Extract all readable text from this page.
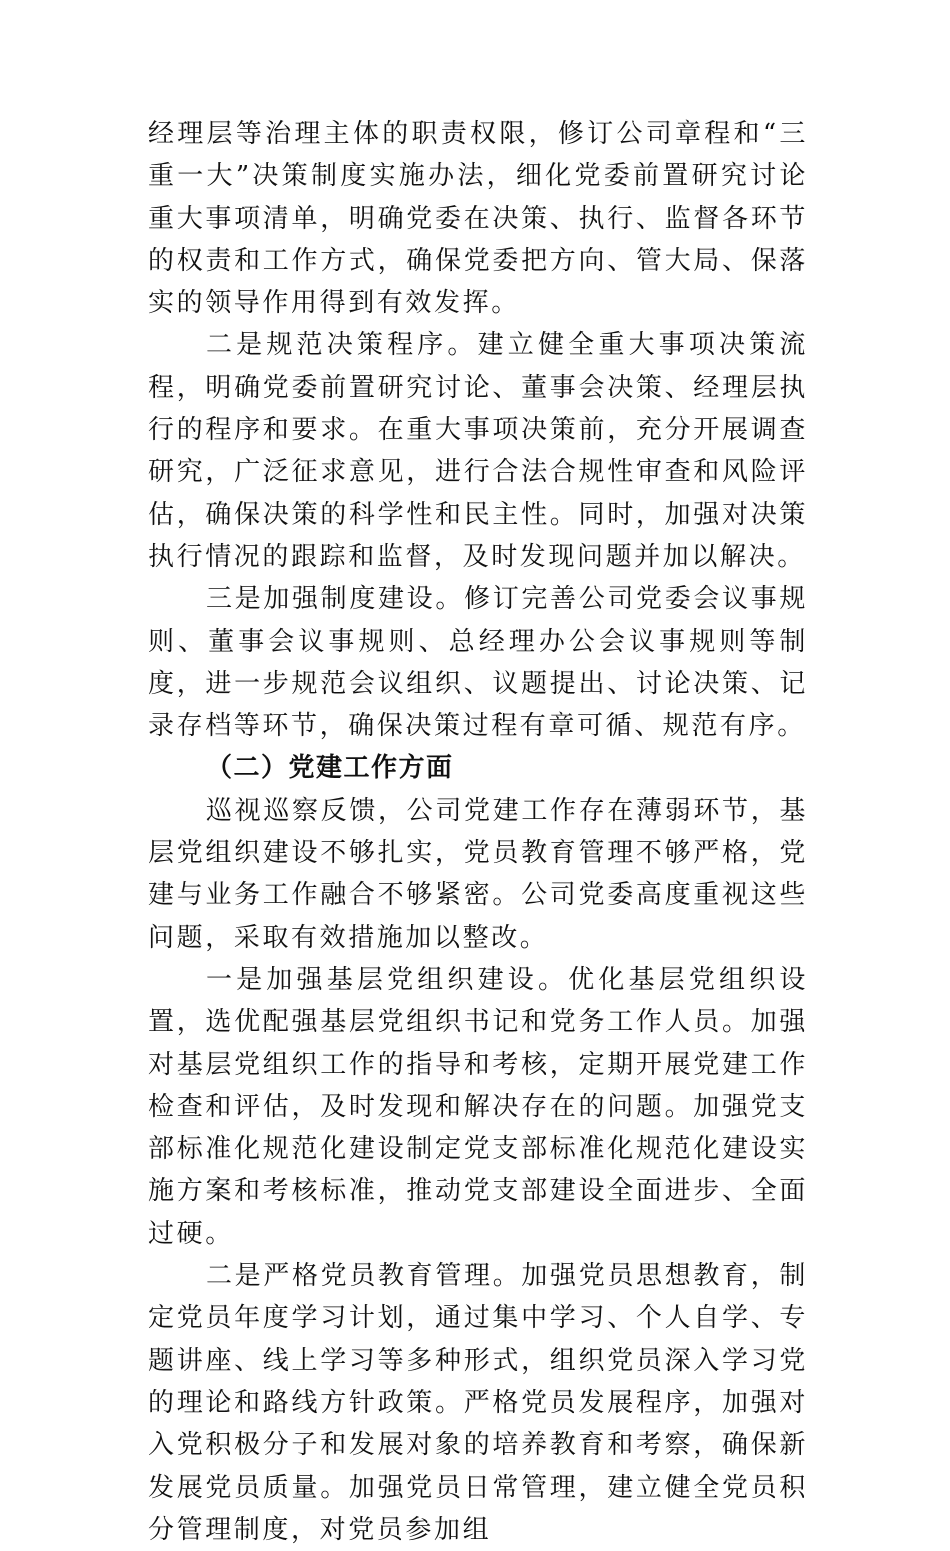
经理层等治理主体的职责权限，修订公司章程和“三重一大”决策制度实施办法，细化党委前置研究讨论重大事项清单，明确党委在决策、执行、监督各环节的权责和工作方式，确保党委把方向、管大局、保落实的领导作用得到有效发挥。

二是规范决策程序。建立健全重大事项决策流程，明确党委前置研究讨论、董事会决策、经理层执行的程序和要求。在重大事项决策前，充分开展调查研究，广泛征求意见，进行合法合规性审查和风险评估，确保决策的科学性和民主性。同时，加强对决策执行情况的跟踪和监督，及时发现问题并加以解决。

三是加强制度建设。修订完善公司党委会议事规则、董事会议事规则、总经理办公会议事规则等制度，进一步规范会议组织、议题提出、讨论决策、记录存档等环节，确保决策过程有章可循、规范有序。

（二）党建工作方面

巡视巡察反馈，公司党建工作存在薄弱环节，基层党组织建设不够扎实，党员教育管理不够严格，党建与业务工作融合不够紧密。公司党委高度重视这些问题，采取有效措施加以整改。

一是加强基层党组织建设。优化基层党组织设置，选优配强基层党组织书记和党务工作人员。加强对基层党组织工作的指导和考核，定期开展党建工作检查和评估，及时发现和解决存在的问题。加强党支部标准化规范化建设制定党支部标准化规范化建设实施方案和考核标准，推动党支部建设全面进步、全面过硬。

二是严格党员教育管理。加强党员思想教育，制定党员年度学习计划，通过集中学习、个人自学、专题讲座、线上学习等多种形式，组织党员深入学习党的理论和路线方针政策。严格党员发展程序，加强对入党积极分子和发展对象的培养教育和考察，确保新发展党员质量。加强党员日常管理，建立健全党员积分管理制度，对党员参加组
